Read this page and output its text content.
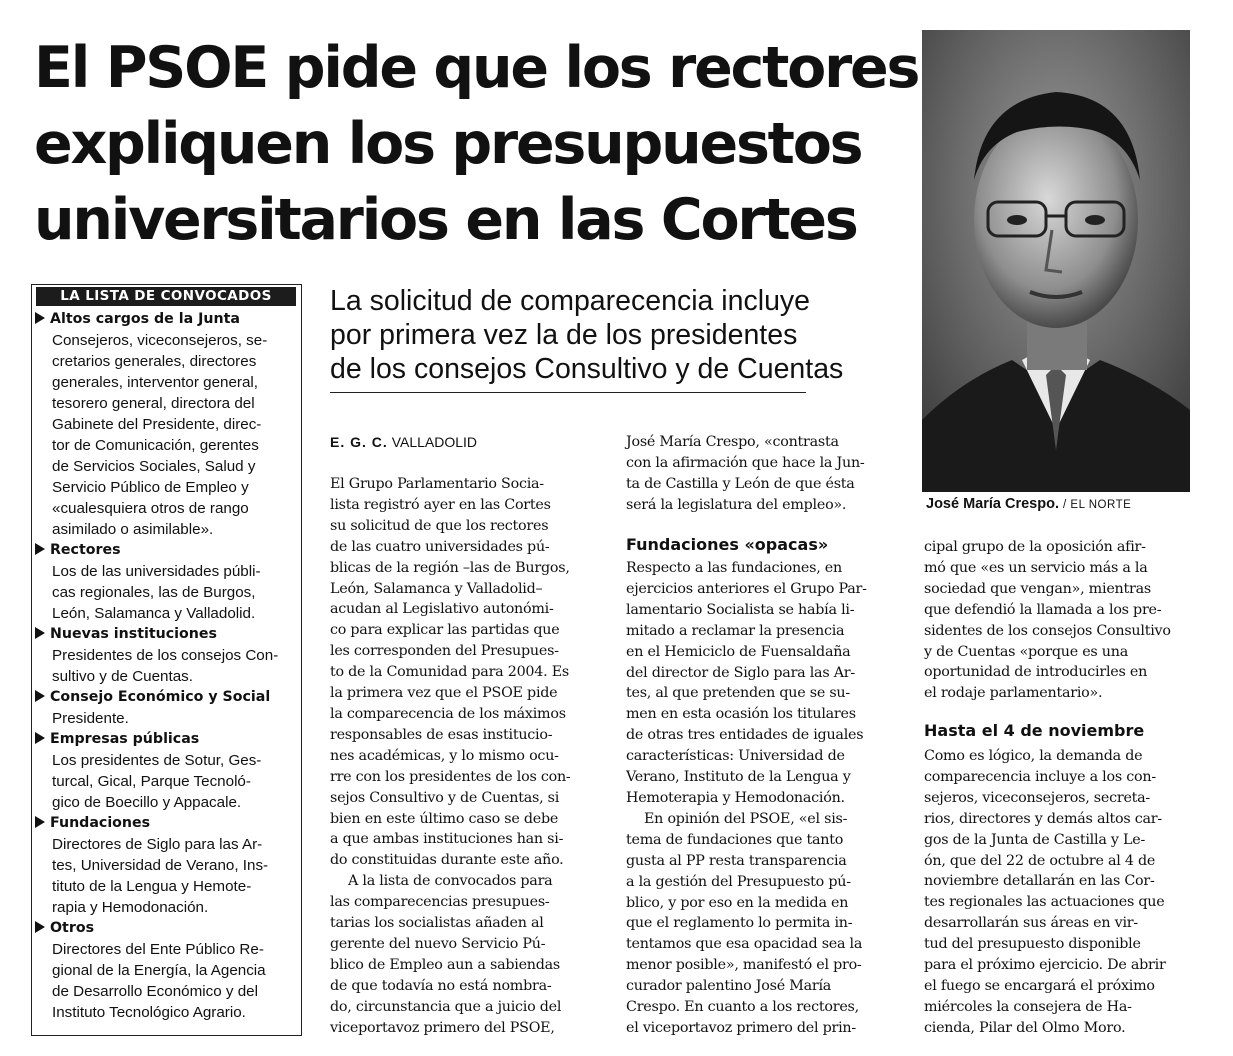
El PSOE pide que los rectores
expliquen los presupuestos
universitarios en las Cortes
José María Crespo. / EL NORTE
La solicitud de comparecencia incluye
por primera vez la de los presidentes
de los consejos Consultivo y de Cuentas
LA LISTA DE CONVOCADOS
Altos cargos de la Junta
Consejeros, viceconsejeros, se-
cretarios generales, directores
generales, interventor general,
tesorero general, directora del
Gabinete del Presidente, direc-
tor de Comunicación, gerentes
de Servicios Sociales, Salud y
Servicio Público de Empleo y
«cualesquiera otros de rango
asimilado o asimilable».
Rectores
Los de las universidades públi-
cas regionales, las de Burgos,
León, Salamanca y Valladolid.
Nuevas instituciones
Presidentes de los consejos Con-
sultivo y de Cuentas.
Consejo Económico y Social
Presidente.
Empresas públicas
Los presidentes de Sotur, Ges-
turcal, Gical, Parque Tecnoló-
gico de Boecillo y Appacale.
Fundaciones
Directores de Siglo para las Ar-
tes, Universidad de Verano, Ins-
tituto de la Lengua y Hemote-
rapia y Hemodonación.
Otros
Directores del Ente Público Re-
gional de la Energía, la Agencia
de Desarrollo Económico y del
Instituto Tecnológico Agrario.
E. G. C. VALLADOLID
El Grupo Parlamentario Socia-
lista registró ayer en las Cortes
su solicitud de que los rectores
de las cuatro universidades pú-
blicas de la región –las de Burgos,
León, Salamanca y Valladolid–
acudan al Legislativo autonómi-
co para explicar las partidas que
les corresponden del Presupues-
to de la Comunidad para 2004. Es
la primera vez que el PSOE pide
la comparecencia de los máximos
responsables de esas institucio-
nes académicas, y lo mismo ocu-
rre con los presidentes de los con-
sejos Consultivo y de Cuentas, si
bien en este último caso se debe
a que ambas instituciones han si-
do constituidas durante este año.
A la lista de convocados para
las comparecencias presupues-
tarias los socialistas añaden al
gerente del nuevo Servicio Pú-
blico de Empleo aun a sabiendas
de que todavía no está nombra-
do, circunstancia que a juicio del
viceportavoz primero del PSOE,
José María Crespo, «contrasta
con la afirmación que hace la Jun-
ta de Castilla y León de que ésta
será la legislatura del empleo».
Fundaciones «opacas»
Respecto a las fundaciones, en
ejercicios anteriores el Grupo Par-
lamentario Socialista se había li-
mitado a reclamar la presencia
en el Hemiciclo de Fuensaldaña
del director de Siglo para las Ar-
tes, al que pretenden que se su-
men en esta ocasión los titulares
de otras tres entidades de iguales
características: Universidad de
Verano, Instituto de la Lengua y
Hemoterapia y Hemodonación.
En opinión del PSOE, «el sis-
tema de fundaciones que tanto
gusta al PP resta transparencia
a la gestión del Presupuesto pú-
blico, y por eso en la medida en
que el reglamento lo permita in-
tentamos que esa opacidad sea la
menor posible», manifestó el pro-
curador palentino José María
Crespo. En cuanto a los rectores,
el viceportavoz primero del prin-
cipal grupo de la oposición afir-
mó que «es un servicio más a la
sociedad que vengan», mientras
que defendió la llamada a los pre-
sidentes de los consejos Consultivo
y de Cuentas «porque es una
oportunidad de introducirles en
el rodaje parlamentario».
Hasta el 4 de noviembre
Como es lógico, la demanda de
comparecencia incluye a los con-
sejeros, viceconsejeros, secreta-
rios, directores y demás altos car-
gos de la Junta de Castilla y Le-
ón, que del 22 de octubre al 4 de
noviembre detallarán en las Cor-
tes regionales las actuaciones que
desarrollarán sus áreas en vir-
tud del presupuesto disponible
para el próximo ejercicio. De abrir
el fuego se encargará el próximo
miércoles la consejera de Ha-
cienda, Pilar del Olmo Moro.
